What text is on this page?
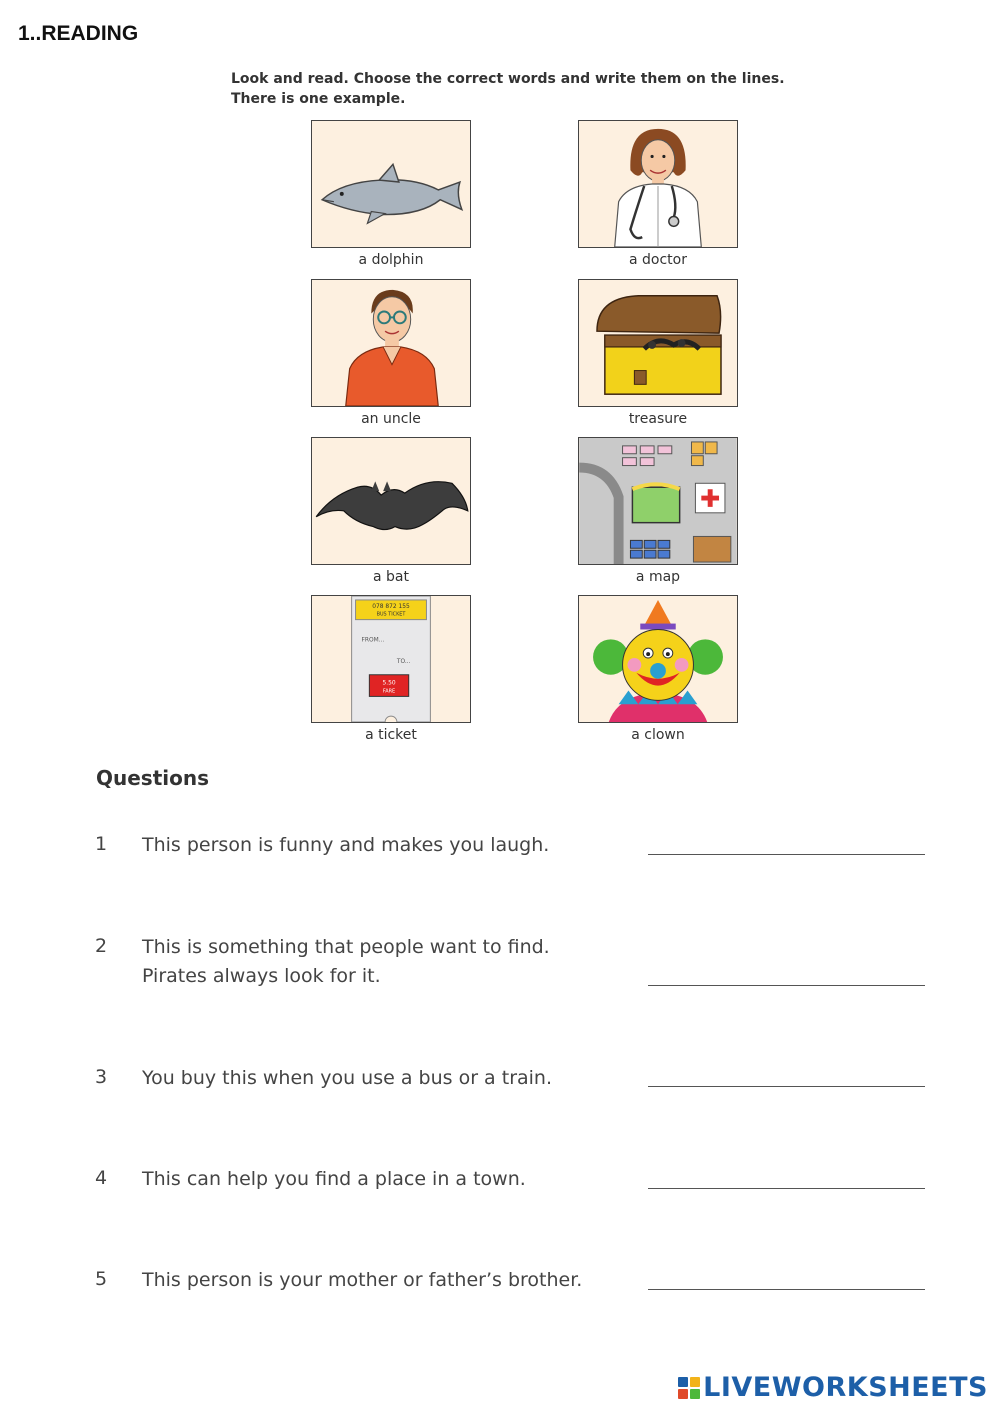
1..READING
Look and read. Choose the correct words and write them on the lines.
There is one example.
a dolphin	a doctor
an uncle	treasure
a bat	a map
078 872 155
BUS TICKET
FROM...
TO...
5.50
FARE
a ticket	a clown
Questions
1 This person is funny and makes you laugh.
2 This is something that people want to find.
Pirates always look for it.
3 You buy this when you use a bus or a train.
4 This can help you find a place in a town.
5 This person is your mother or father’s brother.
LIVEWORKSHEETS
